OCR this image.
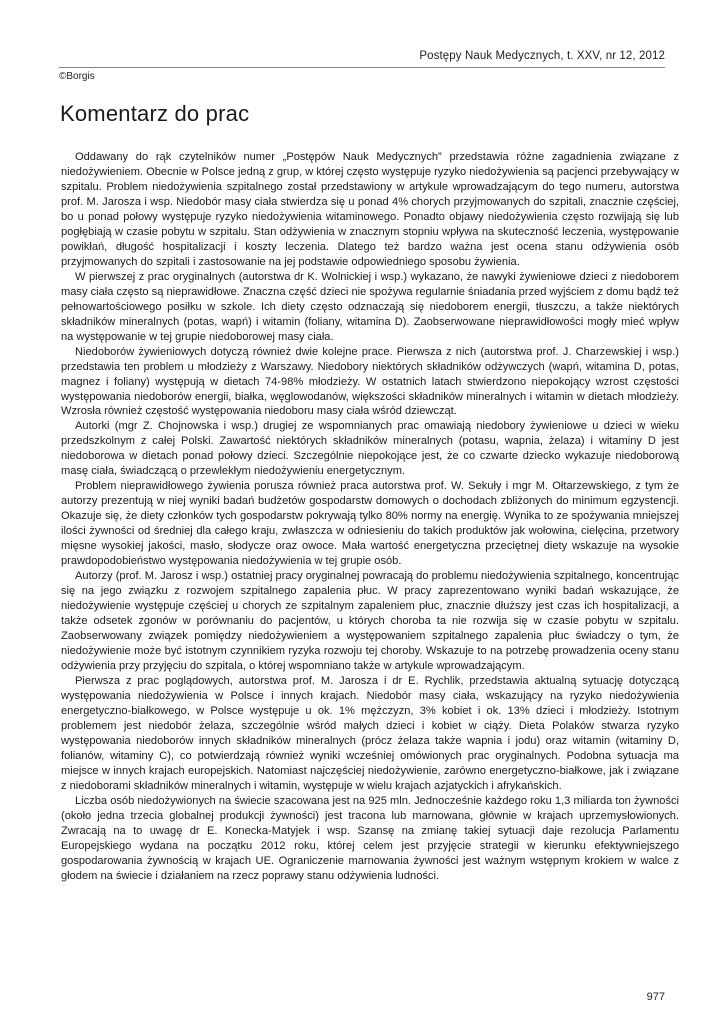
Postępy Nauk Medycznych, t. XXV, nr 12, 2012
©Borgis
Komentarz do prac

Oddawany do rąk czytelników numer „Postępów Nauk Medycznych” przedstawia różne zagadnienia związane z niedożywieniem. Obecnie w Polsce jedną z grup, w której często występuje ryzyko niedożywienia są pacjenci przebywający w szpitalu. Problem niedożywienia szpitalnego został przedstawiony w artykule wprowadzającym do tego numeru, autorstwa prof. M. Jarosza i wsp. Niedobór masy ciała stwierdza się u ponad 4% chorych przyjmowanych do szpitali, znacznie częściej, bo u ponad połowy występuje ryzyko niedożywienia witaminowego. Ponadto objawy niedożywienia często rozwijają się lub pogłębiają w czasie pobytu w szpitalu. Stan odżywienia w znacznym stopniu wpływa na skuteczność leczenia, występowanie powikłań, długość hospitalizacji i koszty leczenia. Dlatego też bardzo ważna jest ocena stanu odżywienia osób przyjmowanych do szpitali i zastosowanie na jej podstawie odpowiedniego sposobu żywienia.

W pierwszej z prac oryginalnych (autorstwa dr K. Wolnickiej i wsp.) wykazano, że nawyki żywieniowe dzieci z niedoborem masy ciała często są nieprawidłowe. Znaczna część dzieci nie spożywa regularnie śniadania przed wyjściem z domu bądź też pełnowartościowego posiłku w szkole. Ich diety często odznaczają się niedoborem energii, tłuszczu, a także niektórych składników mineralnych (potas, wapń) i witamin (foliany, witamina D). Zaobserwowane nieprawidłowości mogły mieć wpływ na występowanie w tej grupie niedoborowej masy ciała.

Niedoborów żywieniowych dotyczą również dwie kolejne prace. Pierwsza z nich (autorstwa prof. J. Charzewskiej i wsp.) przedstawia ten problem u młodzieży z Warszawy. Niedobory niektórych składników odżywczych (wapń, witamina D, potas, magnez i foliany) występują w dietach 74-98% młodzieży. W ostatnich latach stwierdzono niepokojący wzrost częstości występowania niedoborów energii, białka, węglowodanów, większości składników mineralnych i witamin w dietach młodzieży. Wzrosła również częstość występowania niedoboru masy ciała wśród dziewcząt.

Autorki (mgr Z. Chojnowska i wsp.) drugiej ze wspomnianych prac omawiają niedobory żywieniowe u dzieci w wieku przedszkolnym z całej Polski. Zawartość niektórych składników mineralnych (potasu, wapnia, żelaza) i witaminy D jest niedoborowa w dietach ponad połowy dzieci. Szczególnie niepokojące jest, że co czwarte dziecko wykazuje niedoborową masę ciała, świadczącą o przewlekłym niedożywieniu energetycznym.

Problem nieprawidłowego żywienia porusza również praca autorstwa prof. W. Sekuły i mgr M. Ołtarzewskiego, z tym że autorzy prezentują w niej wyniki badań budżetów gospodarstw domowych o dochodach zbliżonych do minimum egzystencji. Okazuje się, że diety członków tych gospodarstw pokrywają tylko 80% normy na energię. Wynika to ze spożywania mniejszej ilości żywności od średniej dla całego kraju, zwłaszcza w odniesieniu do takich produktów jak wołowina, cielęcina, przetwory mięsne wysokiej jakości, masło, słodycze oraz owoce. Mała wartość energetyczna przeciętnej diety wskazuje na wysokie prawdopodobieństwo występowania niedożywienia w tej grupie osób.

Autorzy (prof. M. Jarosz i wsp.) ostatniej pracy oryginalnej powracają do problemu niedożywienia szpitalnego, koncentrując się na jego związku z rozwojem szpitalnego zapalenia płuc. W pracy zaprezentowano wyniki badań wskazujące, że niedożywienie występuje częściej u chorych ze szpitalnym zapaleniem płuc, znacznie dłuższy jest czas ich hospitalizacji, a także odsetek zgonów w porównaniu do pacjentów, u których choroba ta nie rozwija się w czasie pobytu w szpitalu. Zaobserwowany związek pomiędzy niedożywieniem a występowaniem szpitalnego zapalenia płuc świadczy o tym, że niedożywienie może być istotnym czynnikiem ryzyka rozwoju tej choroby. Wskazuje to na potrzebę prowadzenia oceny stanu odżywienia przy przyjęciu do szpitala, o której wspomniano także w artykule wprowadzającym.

Pierwsza z prac poglądowych, autorstwa prof. M. Jarosza i dr E. Rychlik, przedstawia aktualną sytuację dotyczącą występowania niedożywienia w Polsce i innych krajach. Niedobór masy ciała, wskazujący na ryzyko niedożywienia energetyczno-białkowego, w Polsce występuje u ok. 1% mężczyzn, 3% kobiet i ok. 13% dzieci i młodzieży. Istotnym problemem jest niedobór żelaza, szczególnie wśród małych dzieci i kobiet w ciąży. Dieta Polaków stwarza ryzyko występowania niedoborów innych składników mineralnych (prócz żelaza także wapnia i jodu) oraz witamin (witaminy D, folianów, witaminy C), co potwierdzają również wyniki wcześniej omówionych prac oryginalnych. Podobna sytuacja ma miejsce w innych krajach europejskich. Natomiast najczęściej niedożywienie, zarówno energetyczno-białkowe, jak i związane z niedoborami składników mineralnych i witamin, występuje w wielu krajach azjatyckich i afrykańskich.

Liczba osób niedożywionych na świecie szacowana jest na 925 mln. Jednocześnie każdego roku 1,3 miliarda ton żywności (około jedna trzecia globalnej produkcji żywności) jest tracona lub marnowana, głównie w krajach uprzemysłowionych. Zwracają na to uwagę dr E. Konecka-Matyjek i wsp. Szansę na zmianę takiej sytuacji daje rezolucja Parlamentu Europejskiego wydana na początku 2012 roku, której celem jest przyjęcie strategii w kierunku efektywniejszego gospodarowania żywnością w krajach UE. Ograniczenie marnowania żywności jest ważnym wstępnym krokiem w walce z głodem na świecie i działaniem na rzecz poprawy stanu odżywienia ludności.

977
